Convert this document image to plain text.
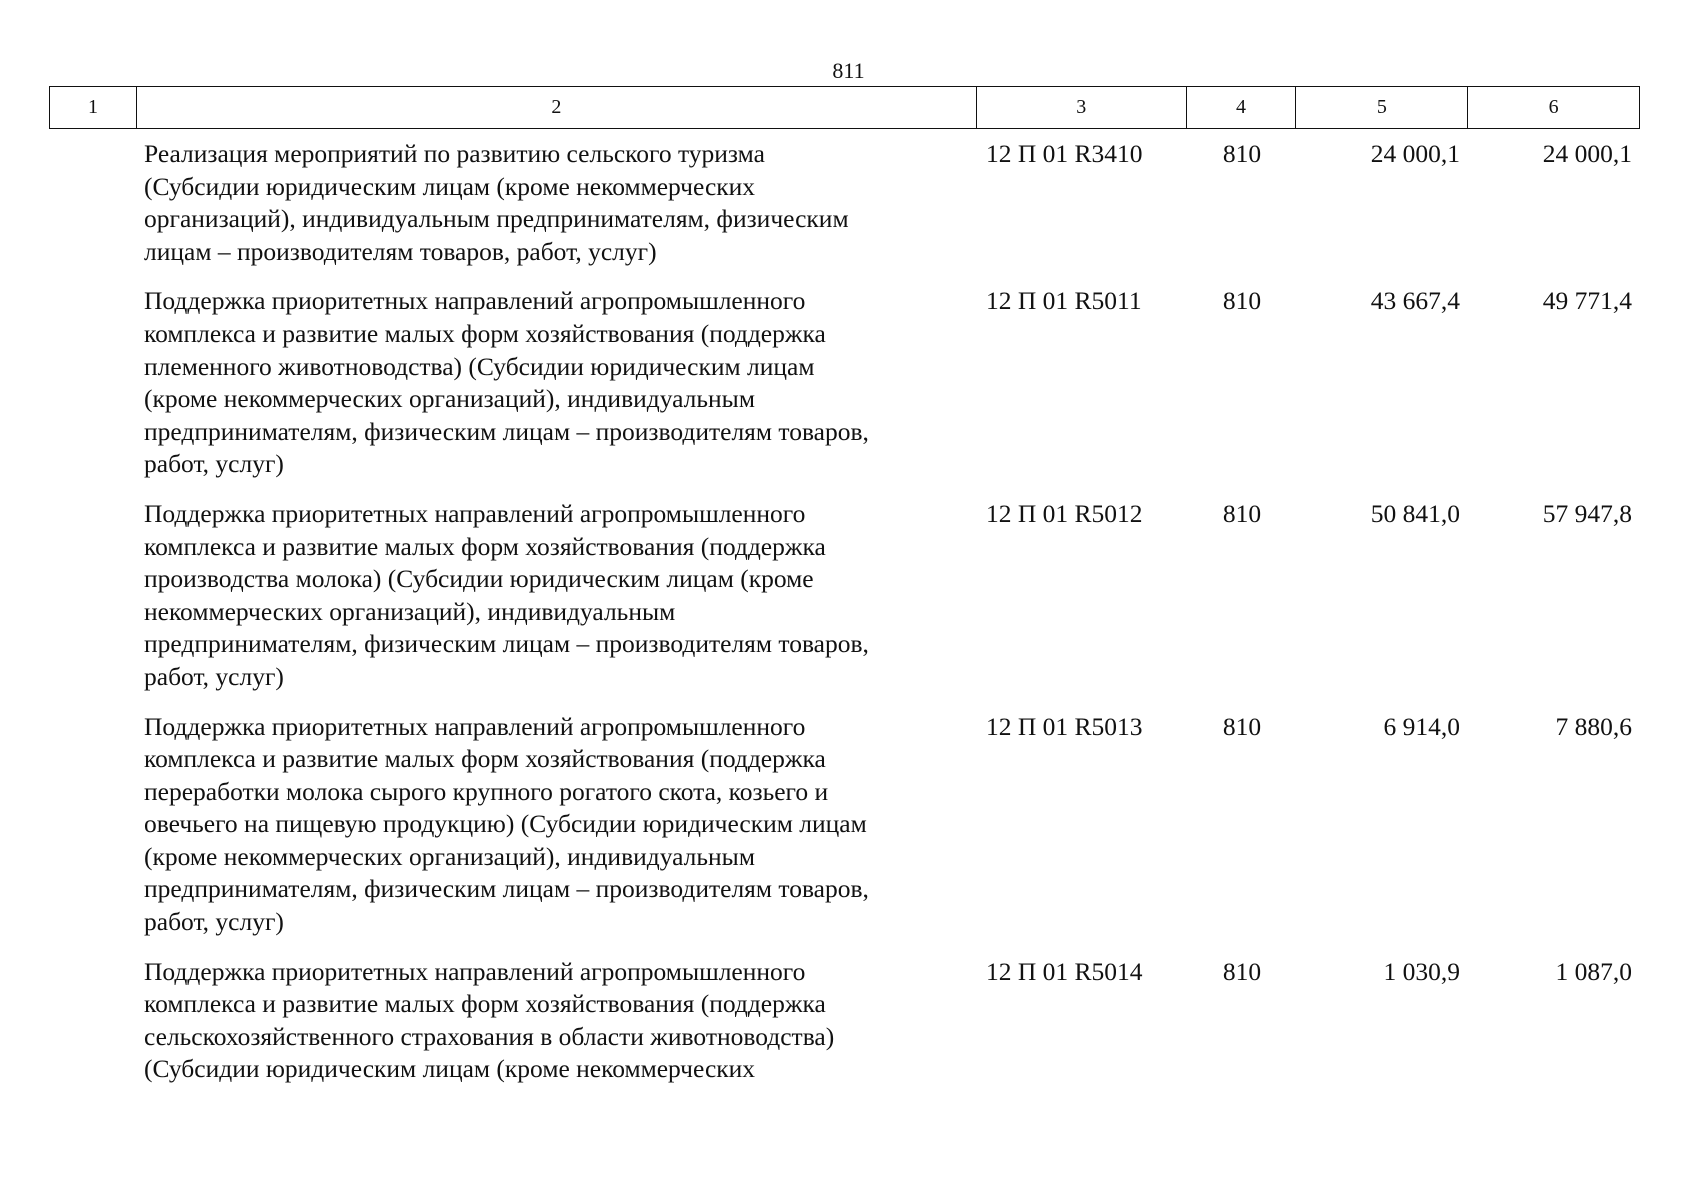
811
1	2	3	4	5	6
Реализация мероприятий по развитию сельского туризма
(Субсидии юридическим лицам (кроме некоммерческих
организаций), индивидуальным предпринимателям, физическим
лицам – производителям товаров, работ, услуг)
12 П 01 R3410	810	24 000,1	24 000,1
Поддержка приоритетных направлений агропромышленного
комплекса и развитие малых форм хозяйствования (поддержка
племенного животноводства) (Субсидии юридическим лицам
(кроме некоммерческих организаций), индивидуальным
предпринимателям, физическим лицам – производителям товаров,
работ, услуг)
12 П 01 R5011	810	43 667,4	49 771,4
Поддержка приоритетных направлений агропромышленного
комплекса и развитие малых форм хозяйствования (поддержка
производства молока) (Субсидии юридическим лицам (кроме
некоммерческих организаций), индивидуальным
предпринимателям, физическим лицам – производителям товаров,
работ, услуг)
12 П 01 R5012	810	50 841,0	57 947,8
Поддержка приоритетных направлений агропромышленного
комплекса и развитие малых форм хозяйствования (поддержка
переработки молока сырого крупного рогатого скота, козьего и
овечьего на пищевую продукцию) (Субсидии юридическим лицам
(кроме некоммерческих организаций), индивидуальным
предпринимателям, физическим лицам – производителям товаров,
работ, услуг)
12 П 01 R5013	810	6 914,0	7 880,6
Поддержка приоритетных направлений агропромышленного
комплекса и развитие малых форм хозяйствования (поддержка
сельскохозяйственного страхования в области животноводства)
(Субсидии юридическим лицам (кроме некоммерческих
12 П 01 R5014	810	1 030,9	1 087,0
